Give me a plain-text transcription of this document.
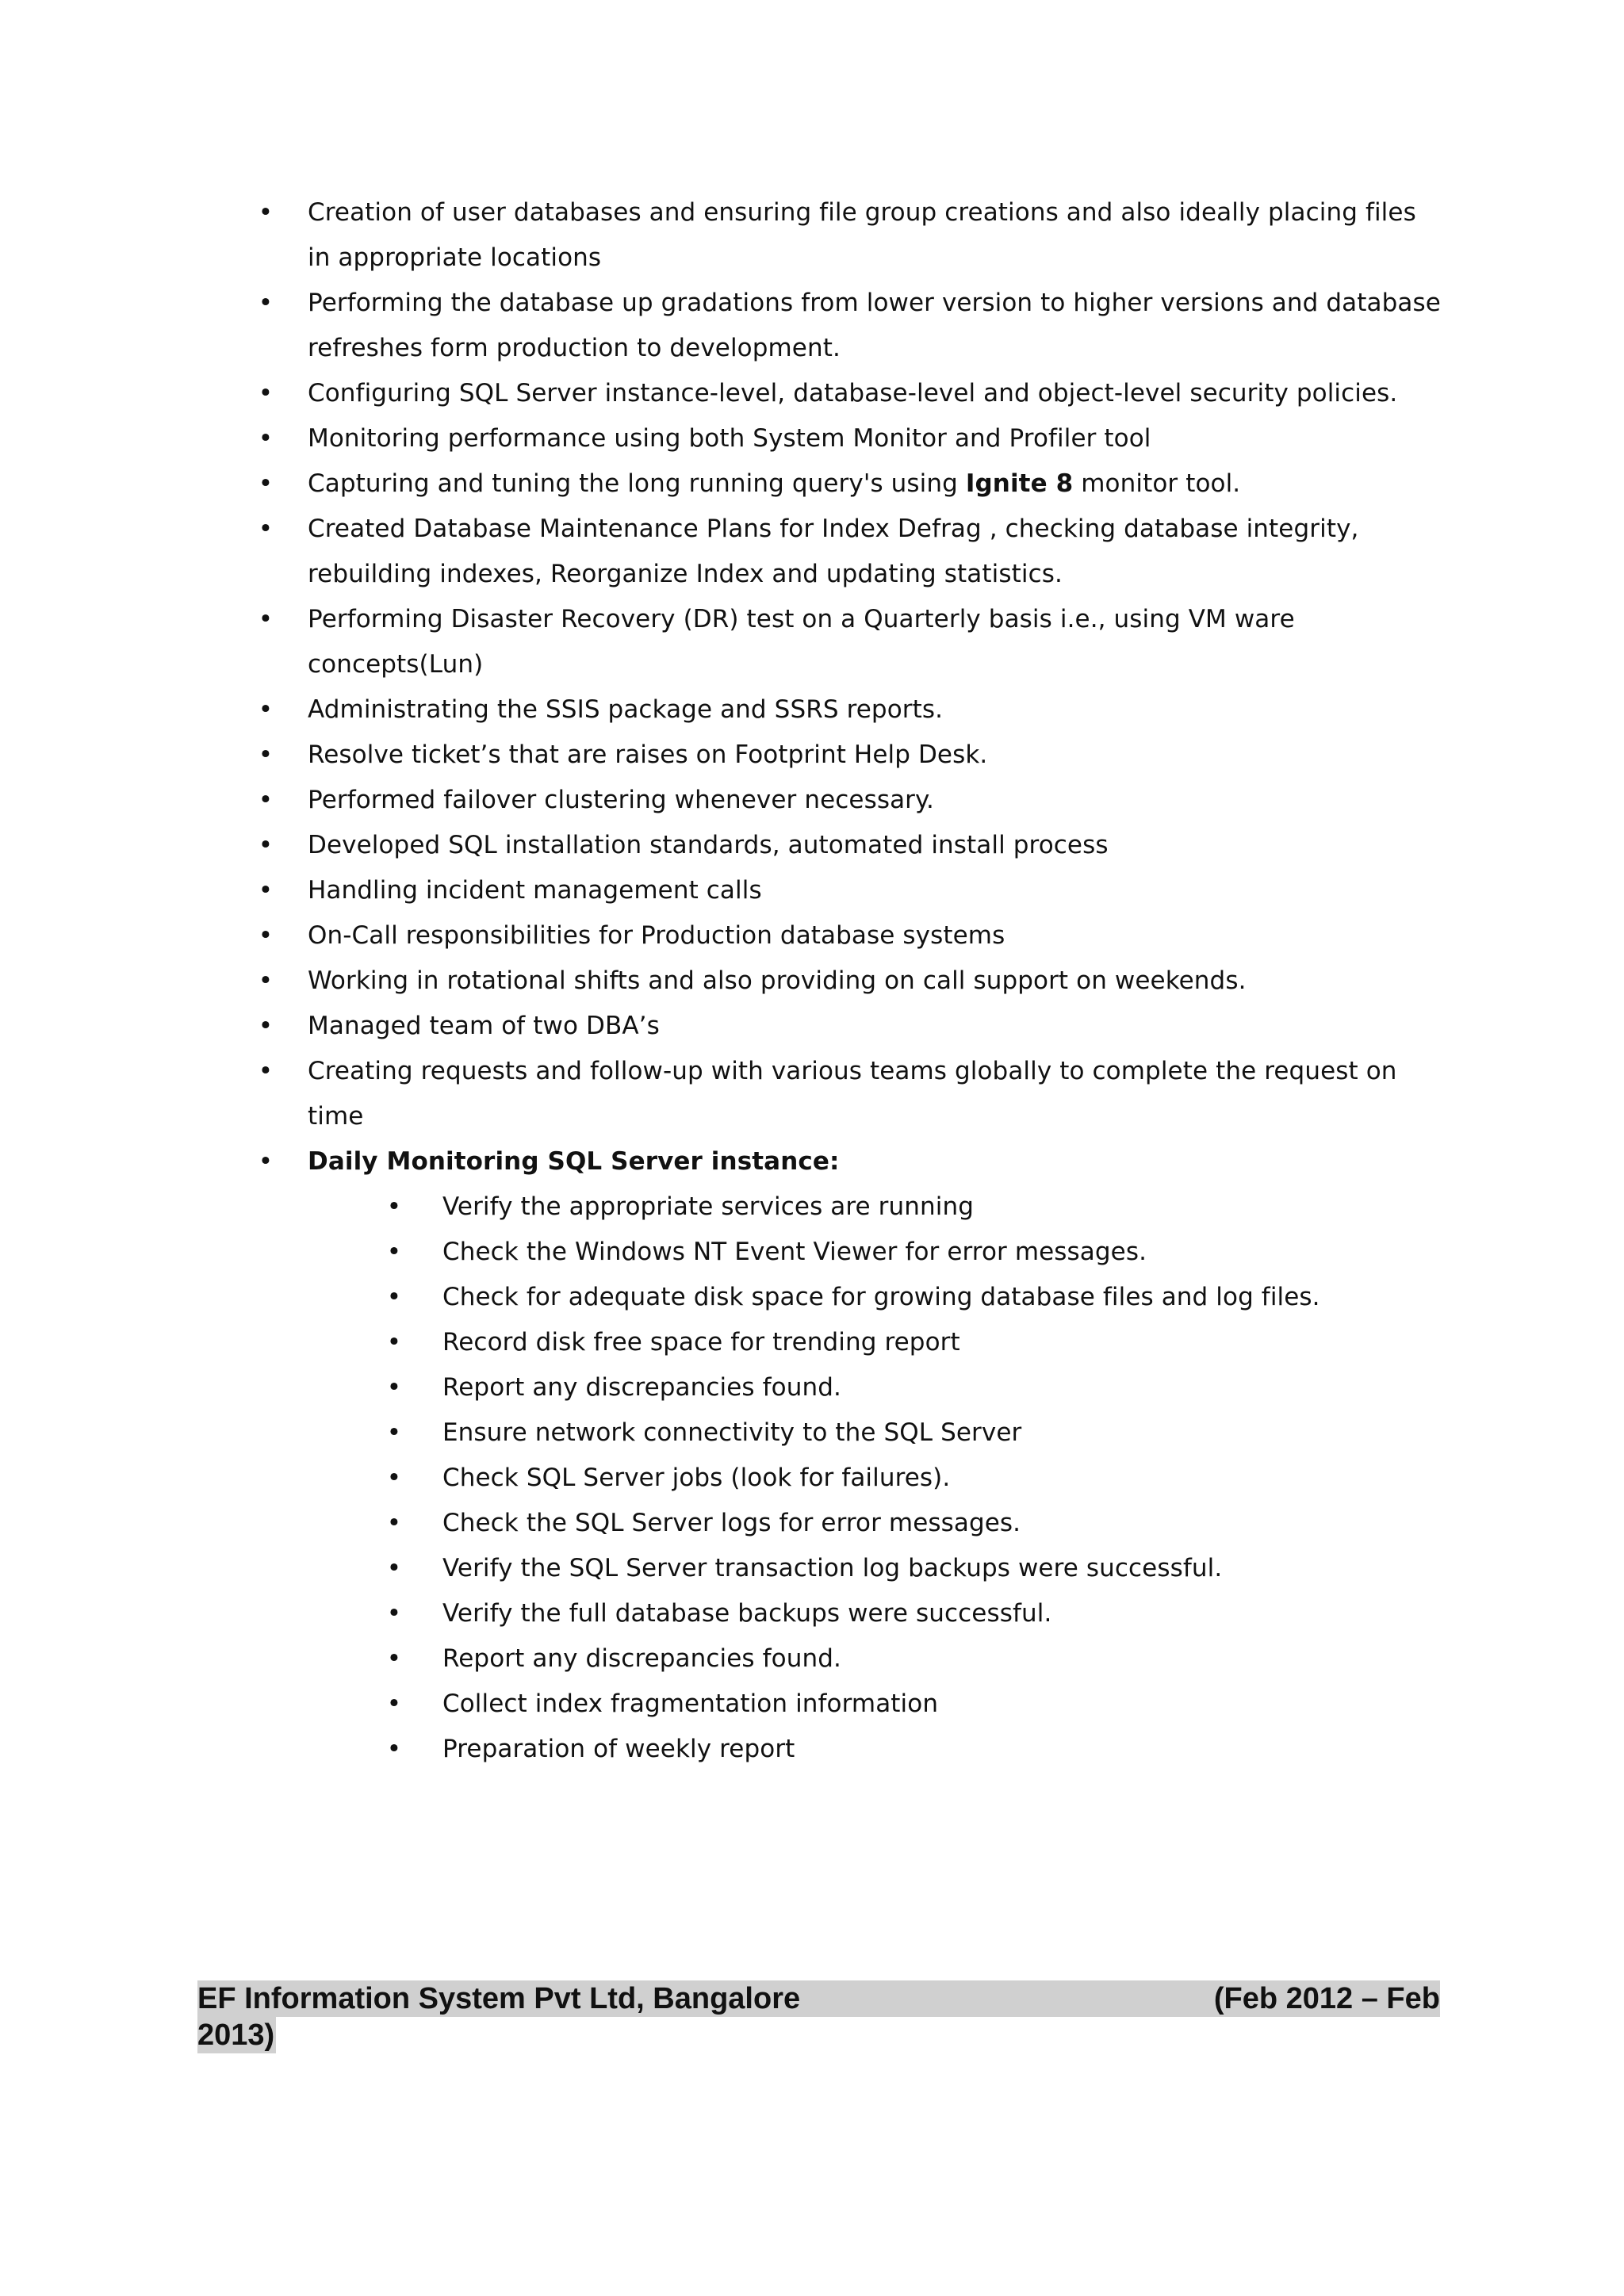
• Creation of user databases and ensuring file group creations and also ideally placing files in appropriate locations
• Performing the database up gradations from lower version to higher versions and database refreshes form production to development.
• Configuring SQL Server instance-level, database-level and object-level security policies.
• Monitoring performance using both System Monitor and Profiler tool
• Capturing and tuning the long running query's using Ignite 8 monitor tool.
• Created Database Maintenance Plans for Index Defrag , checking database integrity, rebuilding indexes, Reorganize Index and updating statistics.
• Performing Disaster Recovery (DR) test on a Quarterly basis i.e., using VM ware concepts(Lun)
• Administrating the SSIS package and SSRS reports.
• Resolve ticket’s that are raises on Footprint Help Desk.
• Performed failover clustering whenever necessary.
• Developed SQL installation standards, automated install process
• Handling incident management calls
• On-Call responsibilities for Production database systems
• Working in rotational shifts and also providing on call support on weekends.
• Managed team of two DBA’s
• Creating requests and follow-up with various teams globally to complete the request on time
• Daily Monitoring SQL Server instance:
• Verify the appropriate services are running
• Check the Windows NT Event Viewer for error messages.
• Check for adequate disk space for growing database files and log files.
• Record disk free space for trending report
• Report any discrepancies found.
• Ensure network connectivity to the SQL Server
• Check SQL Server jobs (look for failures).
• Check the SQL Server logs for error messages.
• Verify the SQL Server transaction log backups were successful.
• Verify the full database backups were successful.
• Report any discrepancies found.
• Collect index fragmentation information
• Preparation of weekly report
EF Information System Pvt Ltd, Bangalore	(Feb 2012 – Feb
2013)
